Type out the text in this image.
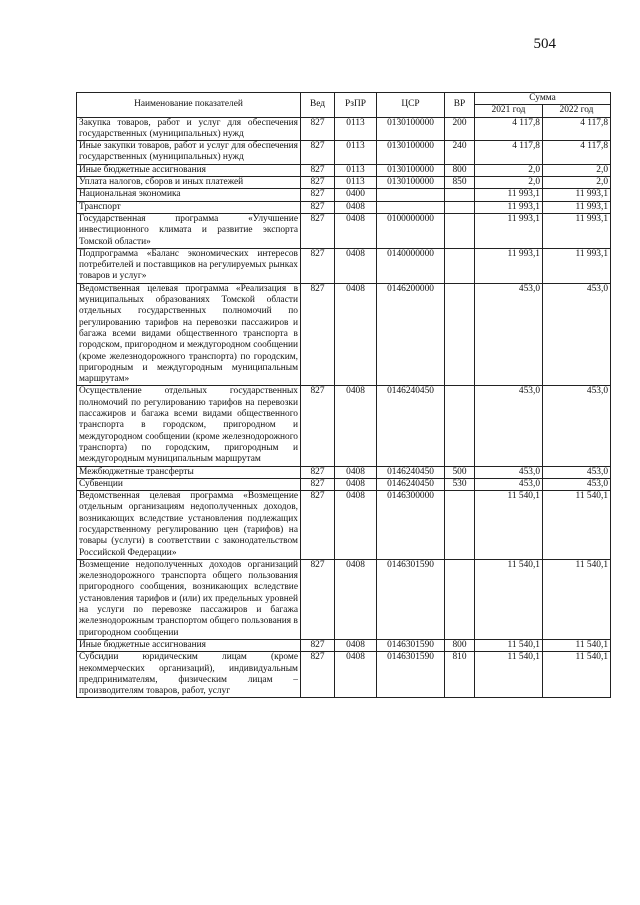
504
Наименование показателей	Вед	РзПР	ЦСР	ВР	Сумма	
					2021 год	2022 год
Закупка товаров, работ и услуг для обеспечения государственных (муниципальных) нужд	827	0113	0130100000	200	4 117,8	4 117,8
Иные закупки товаров, работ и услуг для обеспечения государственных (муниципальных) нужд	827	0113	0130100000	240	4 117,8	4 117,8
Иные бюджетные ассигнования	827	0113	0130100000	800	2,0	2,0
Уплата налогов, сборов и иных платежей	827	0113	0130100000	850	2,0	2,0
Национальная экономика	827	0400			11 993,1	11 993,1
Транспорт	827	0408			11 993,1	11 993,1
Государственная программа «Улучшение инвестиционного климата и развитие экспорта Томской области»	827	0408	0100000000		11 993,1	11 993,1
Подпрограмма «Баланс экономических интересов потребителей и поставщиков на регулируемых рынках товаров и услуг»	827	0408	0140000000		11 993,1	11 993,1
Ведомственная целевая программа «Реализация в муниципальных образованиях Томской области отдельных государственных полномочий по регулированию тарифов на перевозки пассажиров и багажа всеми видами общественного транспорта в городском, пригородном и междугородном сообщении (кроме железнодорожного транспорта) по городским, пригородным и междугородным муниципальным маршрутам»	827	0408	0146200000		453,0	453,0
Осуществление отдельных государственных полномочий по регулированию тарифов на перевозки пассажиров и багажа всеми видами общественного транспорта в городском, пригородном и междугородном сообщении (кроме железнодорожного транспорта) по городским, пригородным и междугородным муниципальным маршрутам	827	0408	0146240450		453,0	453,0
Межбюджетные трансферты	827	0408	0146240450	500	453,0	453,0
Субвенции	827	0408	0146240450	530	453,0	453,0
Ведомственная целевая программа «Возмещение отдельным организациям недополученных доходов, возникающих вследствие установления подлежащих государственному регулированию цен (тарифов) на товары (услуги) в соответствии с законодательством Российской Федерации»	827	0408	0146300000		11 540,1	11 540,1
Возмещение недополученных доходов организаций железнодорожного транспорта общего пользования пригородного сообщения, возникающих вследствие установления тарифов и (или) их предельных уровней на услуги по перевозке пассажиров и багажа железнодорожным транспортом общего пользования в пригородном сообщении	827	0408	0146301590		11 540,1	11 540,1
Иные бюджетные ассигнования	827	0408	0146301590	800	11 540,1	11 540,1
Субсидии юридическим лицам (кроме некоммерческих организаций), индивидуальным предпринимателям, физическим лицам – производителям товаров, работ, услуг	827	0408	0146301590	810	11 540,1	11 540,1
